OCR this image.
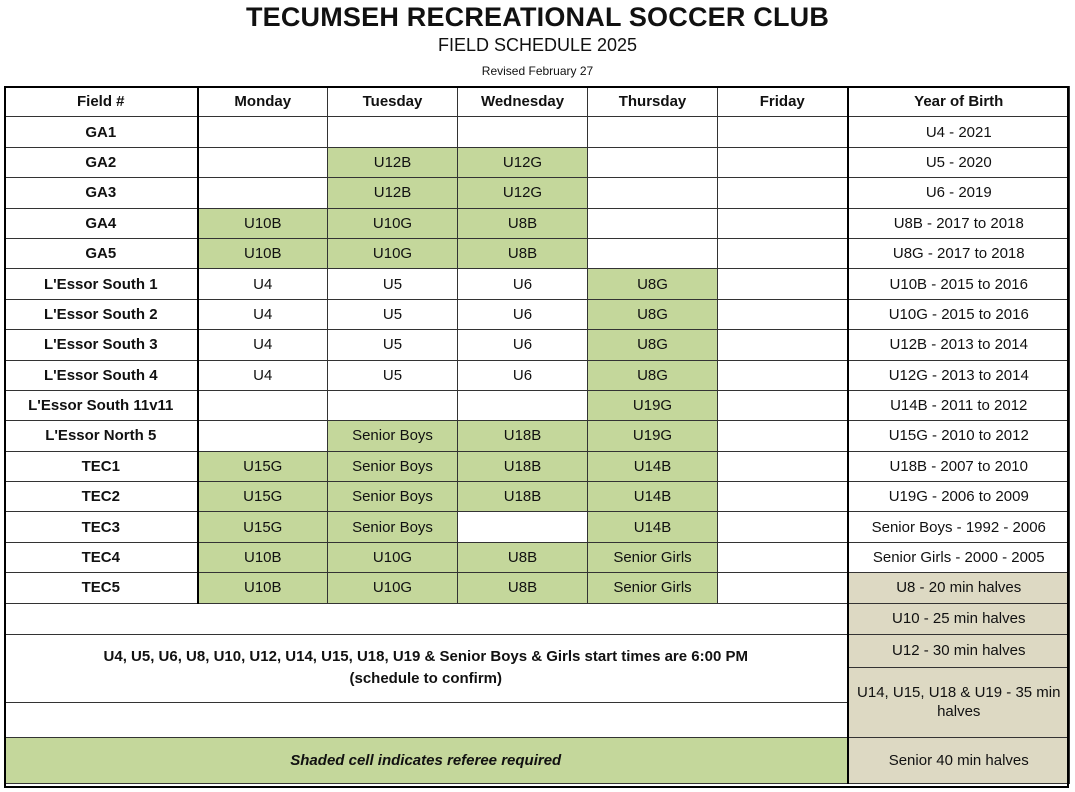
TECUMSEH RECREATIONAL SOCCER CLUB
FIELD SCHEDULE 2025
Revised February 27
Field #	Monday	Tuesday	Wednesday	Thursday	Friday	Year of Birth
GA1						U4 - 2021
GA2		U12B	U12G			U5 - 2020
GA3		U12B	U12G			U6 - 2019
GA4	U10B	U10G	U8B			U8B - 2017 to 2018
GA5	U10B	U10G	U8B			U8G - 2017 to 2018
L'Essor South 1	U4	U5	U6	U8G		U10B - 2015 to 2016
L'Essor South 2	U4	U5	U6	U8G		U10G - 2015 to 2016
L'Essor South 3	U4	U5	U6	U8G		U12B - 2013 to 2014
L'Essor South 4	U4	U5	U6	U8G		U12G - 2013 to 2014
L'Essor South 11v11				U19G		U14B - 2011 to 2012
L'Essor North 5		Senior Boys	U18B	U19G		U15G - 2010 to 2012
TEC1	U15G	Senior Boys	U18B	U14B		U18B - 2007 to 2010
TEC2	U15G	Senior Boys	U18B	U14B		U19G - 2006 to 2009
TEC3	U15G	Senior Boys		U14B		Senior Boys - 1992 - 2006
TEC4	U10B	U10G	U8B	Senior Girls		Senior Girls - 2000 - 2005
TEC5	U10B	U10G	U8B	Senior Girls		U8 - 20 min halves
						U10 - 25 min halves
U4, U5, U6, U8, U10, U12, U14, U15, U18, U19 & Senior Boys & Girls start times are 6:00 PM
(schedule to confirm)						U12 - 30 min halves
						U14, U15, U18 & U19 - 35 min halves

Shaded cell indicates referee required						Senior 40 min halves
